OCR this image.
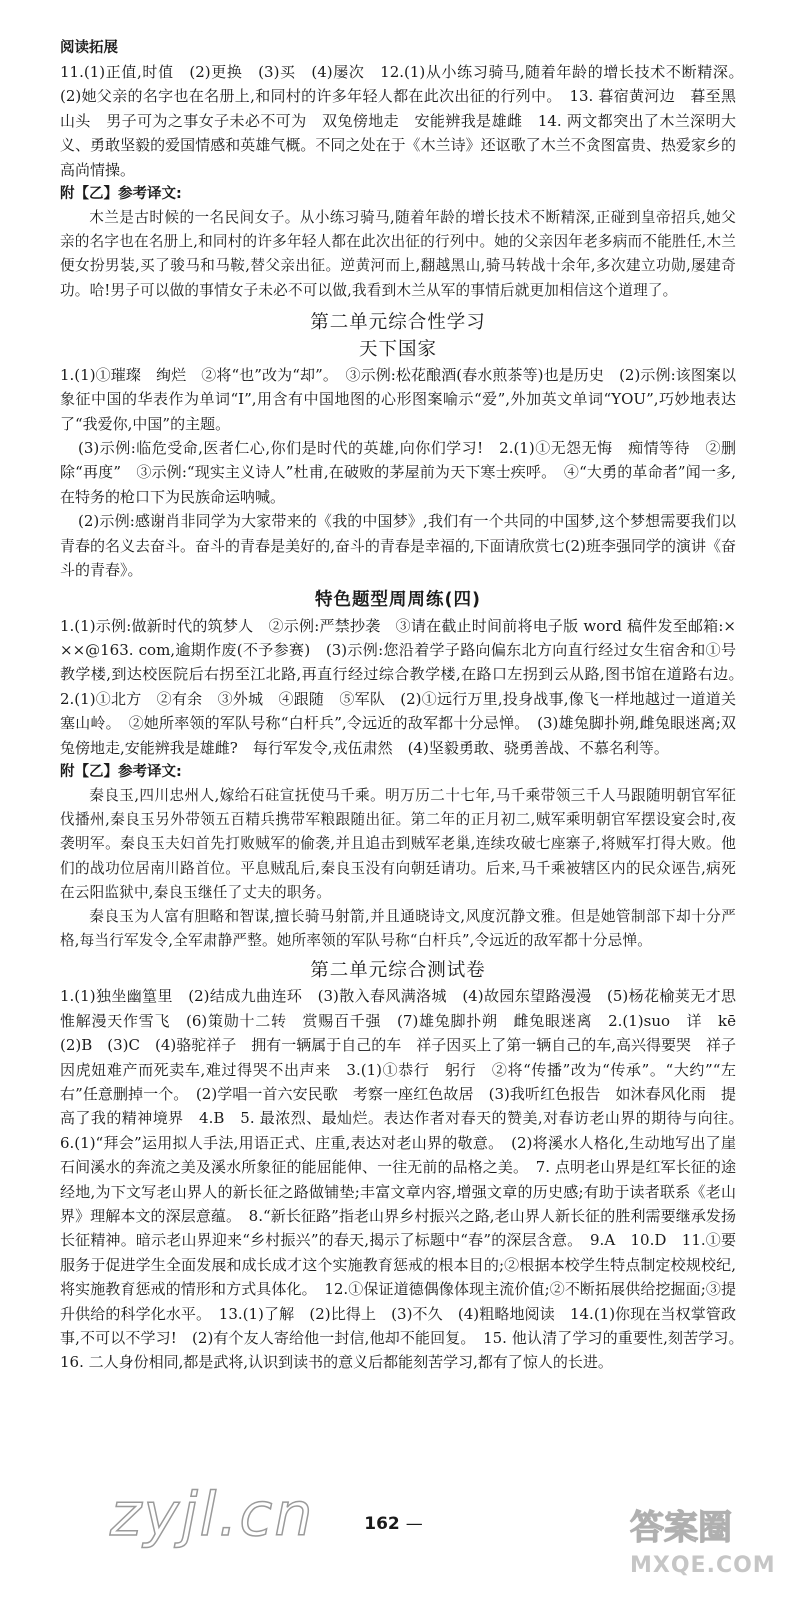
阅读拓展

11.(1)正值,时值　(2)更换　(3)买　(4)屡次　12.(1)从小练习骑马,随着年龄的增长技术不断精深。　(2)她父亲的名字也在名册上,和同村的许多年轻人都在此次出征的行列中。　13. 暮宿黄河边　暮至黑山头　男子可为之事女子未必不可为　双兔傍地走　安能辨我是雄雌　14. 两文都突出了木兰深明大义、勇敢坚毅的爱国情感和英雄气概。不同之处在于《木兰诗》还讴歌了木兰不贪图富贵、热爱家乡的高尚情操。

附【乙】参考译文:

木兰是古时候的一名民间女子。从小练习骑马,随着年龄的增长技术不断精深,正碰到皇帝招兵,她父亲的名字也在名册上,和同村的许多年轻人都在此次出征的行列中。她的父亲因年老多病而不能胜任,木兰便女扮男装,买了骏马和马鞍,替父亲出征。逆黄河而上,翻越黑山,骑马转战十余年,多次建立功勋,屡建奇功。哈!男子可以做的事情女子未必不可以做,我看到木兰从军的事情后就更加相信这个道理了。

第二单元综合性学习

天下国家

1.(1)①璀璨　绚烂　②将“也”改为“却”。　③示例:松花酿酒(春水煎茶等)也是历史　(2)示例:该图案以象征中国的华表作为单词“I”,用含有中国地图的心形图案喻示“爱”,外加英文单词“YOU”,巧妙地表达了“我爱你,中国”的主题。

(3)示例:临危受命,医者仁心,你们是时代的英雄,向你们学习!　2.(1)①无怨无悔　痴情等待　②删除“再度”　③示例:“现实主义诗人”杜甫,在破败的茅屋前为天下寒士疾呼。　④“大勇的革命者”闻一多,在特务的枪口下为民族命运呐喊。

(2)示例:感谢肖非同学为大家带来的《我的中国梦》,我们有一个共同的中国梦,这个梦想需要我们以青春的名义去奋斗。奋斗的青春是美好的,奋斗的青春是幸福的,下面请欣赏七(2)班李强同学的演讲《奋斗的青春》。

特色题型周周练(四)

1.(1)示例:做新时代的筑梦人　②示例:严禁抄袭　③请在截止时间前将电子版 word 稿件发至邮箱:×××@163. com,逾期作废(不予参赛)　(3)示例:您沿着学子路向偏东北方向直行经过女生宿舍和①号教学楼,到达校医院后右拐至江北路,再直行经过综合教学楼,在路口左拐到云从路,图书馆在道路右边。　2.(1)①北方　②有余　③外城　④跟随　⑤军队　(2)①远行万里,投身战事,像飞一样地越过一道道关塞山岭。　②她所率领的军队号称“白杆兵”,令远近的敌军都十分忌惮。　(3)雄兔脚扑朔,雌兔眼迷离;双兔傍地走,安能辨我是雄雌?　每行军发令,戎伍肃然　(4)坚毅勇敢、骁勇善战、不慕名利等。

附【乙】参考译文:

秦良玉,四川忠州人,嫁给石砫宣抚使马千乘。明万历二十七年,马千乘带领三千人马跟随明朝官军征伐播州,秦良玉另外带领五百精兵携带军粮跟随出征。第二年的正月初二,贼军乘明朝官军摆设宴会时,夜袭明军。秦良玉夫妇首先打败贼军的偷袭,并且追击到贼军老巢,连续攻破七座寨子,将贼军打得大败。他们的战功位居南川路首位。平息贼乱后,秦良玉没有向朝廷请功。后来,马千乘被辖区内的民众诬告,病死在云阳监狱中,秦良玉继任了丈夫的职务。

秦良玉为人富有胆略和智谋,擅长骑马射箭,并且通晓诗文,风度沉静文雅。但是她管制部下却十分严格,每当行军发令,全军肃静严整。她所率领的军队号称“白杆兵”,令远近的敌军都十分忌惮。

第二单元综合测试卷

1.(1)独坐幽篁里　(2)结成九曲连环　(3)散入春风满洛城　(4)故园东望路漫漫　(5)杨花榆荚无才思　惟解漫天作雪飞　(6)策勋十二转　赏赐百千强　(7)雄兔脚扑朔　雌兔眼迷离　2.(1)suo　详　kē　(2)B　(3)C　(4)骆驼祥子　拥有一辆属于自己的车　祥子因买上了第一辆自己的车,高兴得要哭　祥子因虎妞难产而死卖车,难过得哭不出声来　3.(1)①恭行　躬行　②将“传播”改为“传承”。“大约”“左右”任意删掉一个。　(2)学唱一首六安民歌　考察一座红色故居　(3)我听红色报告　如沐春风化雨　提高了我的精神境界　4.B　5. 最浓烈、最灿烂。表达作者对春天的赞美,对春访老山界的期待与向往。　6.(1)“拜会”运用拟人手法,用语正式、庄重,表达对老山界的敬意。　(2)将溪水人格化,生动地写出了崖石间溪水的奔流之美及溪水所象征的能屈能伸、一往无前的品格之美。　7. 点明老山界是红军长征的途经地,为下文写老山界人的新长征之路做铺垫;丰富文章内容,增强文章的历史感;有助于读者联系《老山界》理解本文的深层意蕴。　8.“新长征路”指老山界乡村振兴之路,老山界人新长征的胜利需要继承发扬长征精神。暗示老山界迎来“乡村振兴”的春天,揭示了标题中“春”的深层含意。　9.A　10.D　11.①要服务于促进学生全面发展和成长成才这个实施教育惩戒的根本目的;②根据本校学生特点制定校规校纪,将实施教育惩戒的情形和方式具体化。　12.①保证道德偶像体现主流价值;②不断拓展供给挖掘面;③提升供给的科学化水平。　13.(1)了解　(2)比得上　(3)不久　(4)粗略地阅读　14.(1)你现在当权掌管政事,不可以不学习!　(2)有个友人寄给他一封信,他却不能回复。　15. 他认清了学习的重要性,刻苦学习。　16. 二人身份相同,都是武将,认识到读书的意义后都能刻苦学习,都有了惊人的长进。

162 —
zyjl.cn	答案圈
MXQE.COM
